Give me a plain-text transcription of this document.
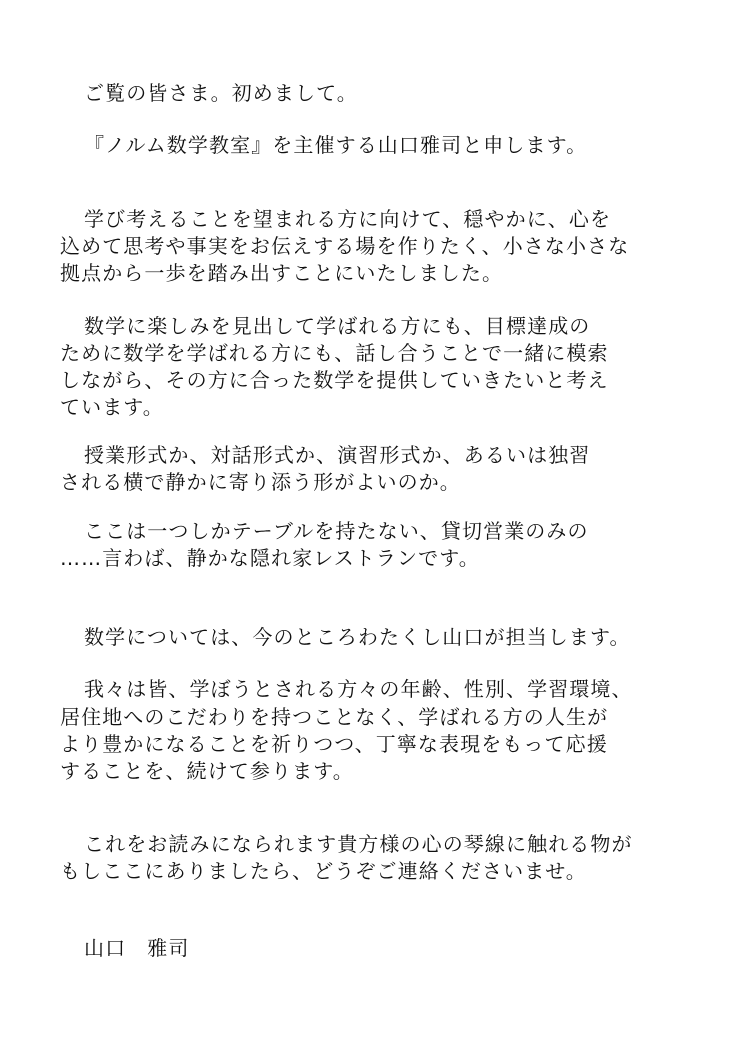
ご覧の皆さま。初めまして。
『ノルム数学教室』を主催する山口雅司と申します。
学び考えることを望まれる方に向けて、穏やかに、心を
込めて思考や事実をお伝えする場を作りたく、小さな小さな
拠点から一歩を踏み出すことにいたしました。
数学に楽しみを見出して学ばれる方にも、目標達成の
ために数学を学ばれる方にも、話し合うことで一緒に模索
しながら、その方に合った数学を提供していきたいと考え
ています。
授業形式か、対話形式か、演習形式か、あるいは独習
される横で静かに寄り添う形がよいのか。
ここは一つしかテーブルを持たない、貸切営業のみの
……言わば、静かな隠れ家レストランです。
数学については、今のところわたくし山口が担当します。
我々は皆、学ぼうとされる方々の年齢、性別、学習環境、
居住地へのこだわりを持つことなく、学ばれる方の人生が
より豊かになることを祈りつつ、丁寧な表現をもって応援
することを、続けて参ります。
これをお読みになられます貴方様の心の琴線に触れる物が
もしここにありましたら、どうぞご連絡くださいませ。
山口　雅司
